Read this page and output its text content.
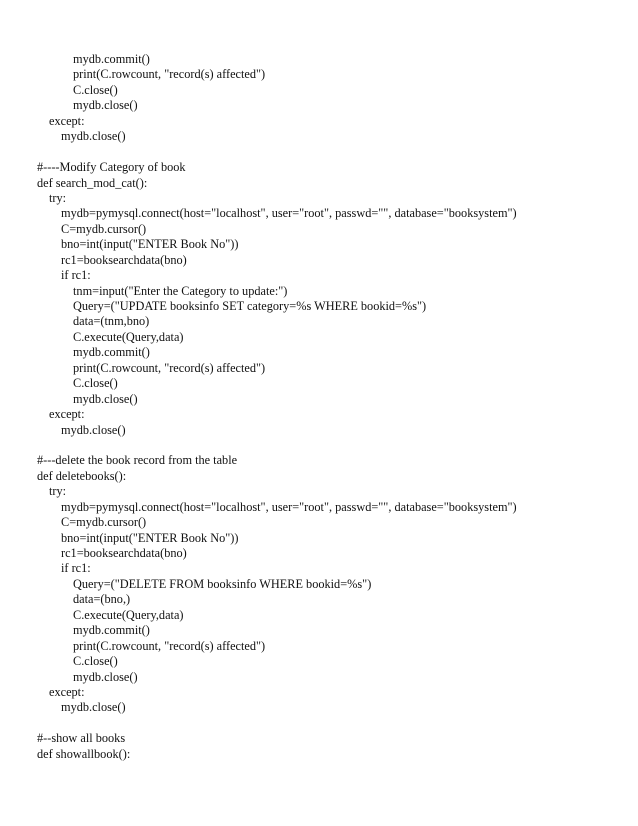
mydb.commit()
print(C.rowcount, "record(s) affected")
C.close()
mydb.close()
except:
mydb.close()
#----Modify Category of book
def search_mod_cat():
try:
mydb=pymysql.connect(host="localhost", user="root", passwd="", database="booksystem")
C=mydb.cursor()
bno=int(input("ENTER Book No"))
rc1=booksearchdata(bno)
if rc1:
tnm=input("Enter the Category to update:")
Query=("UPDATE booksinfo SET category=%s WHERE bookid=%s")
data=(tnm,bno)
C.execute(Query,data)
mydb.commit()
print(C.rowcount, "record(s) affected")
C.close()
mydb.close()
except:
mydb.close()
#---delete the book record from the table
def deletebooks():
try:
mydb=pymysql.connect(host="localhost", user="root", passwd="", database="booksystem")
C=mydb.cursor()
bno=int(input("ENTER Book No"))
rc1=booksearchdata(bno)
if rc1:
Query=("DELETE FROM booksinfo WHERE bookid=%s")
data=(bno,)
C.execute(Query,data)
mydb.commit()
print(C.rowcount, "record(s) affected")
C.close()
mydb.close()
except:
mydb.close()
#--show all books
def showallbook():
